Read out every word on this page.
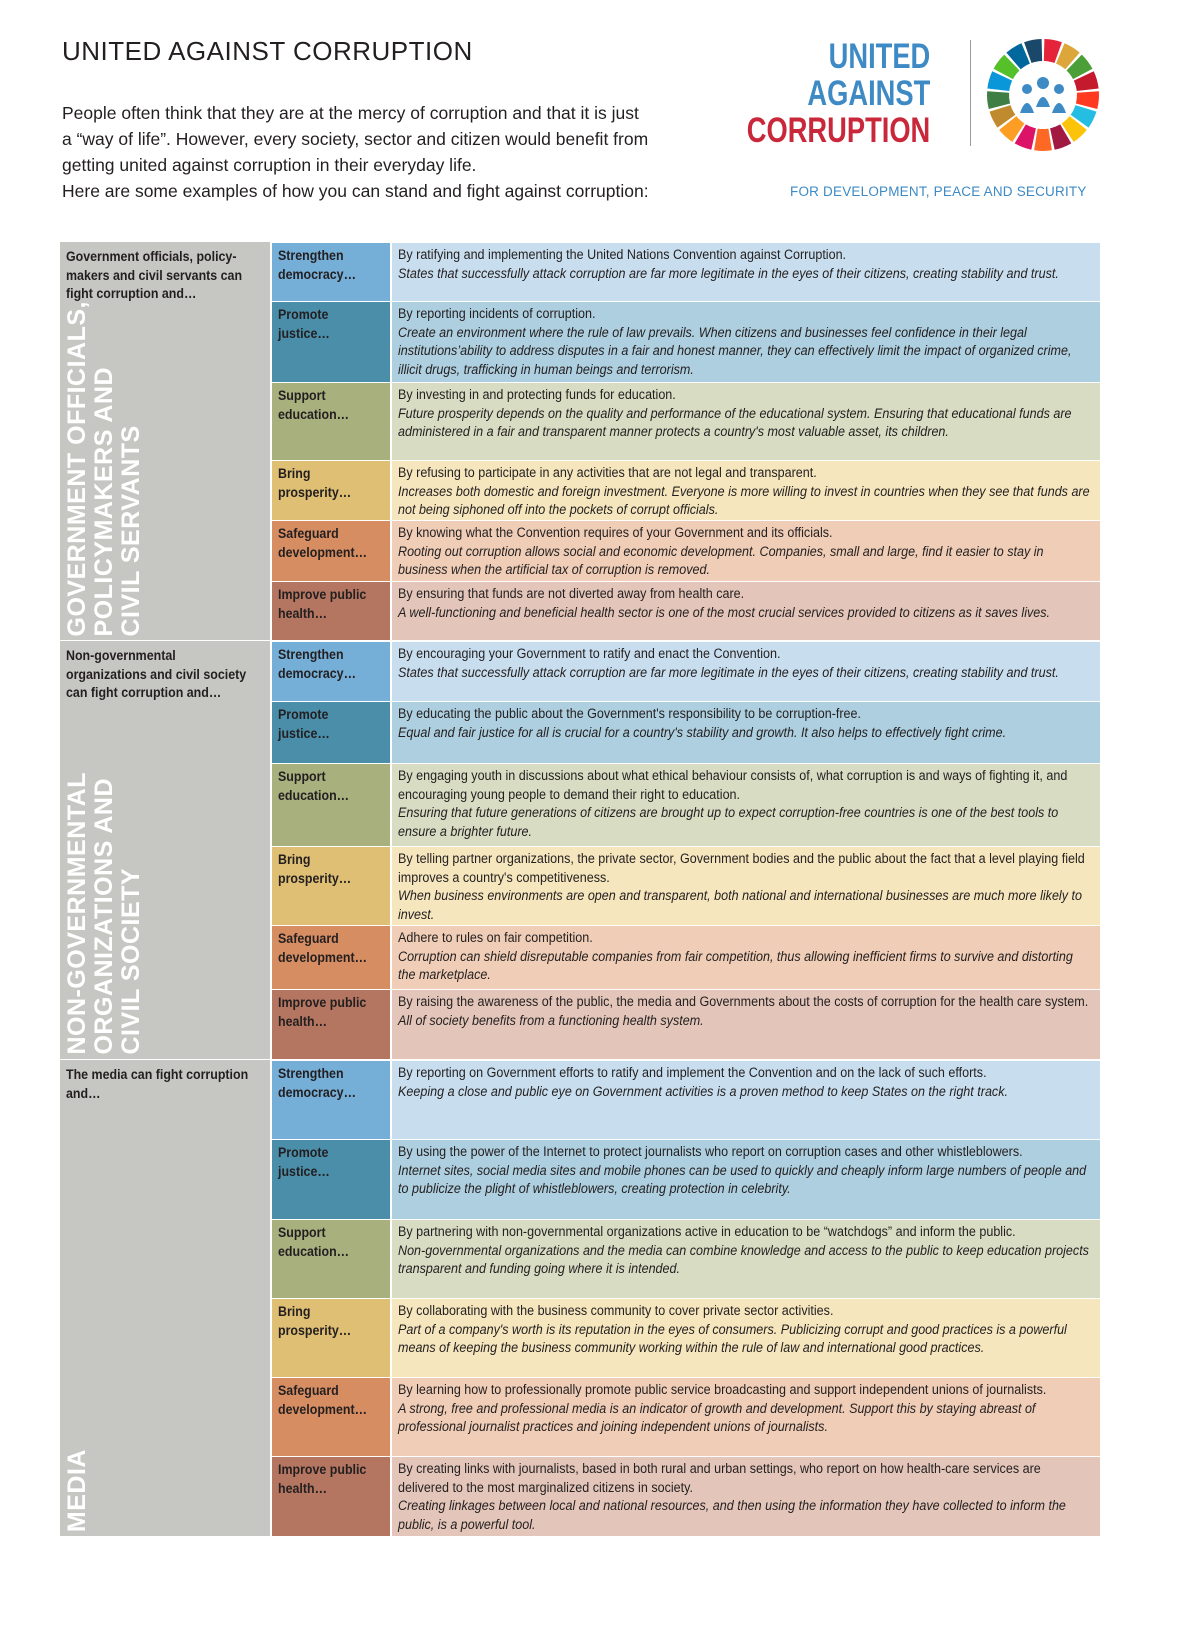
UNITED AGAINST CORRUPTION

People often think that they are at the mercy of corruption and that it is just

a “way of life”. However, every society, sector and citizen would benefit from

getting united against corruption in their everyday life.

Here are some examples of how you can stand and fight against corruption:

UNITED
AGAINST
CORRUPTION
FOR DEVELOPMENT, PEACE AND SECURITY
Government officials, policy-makers and civil servants can fight corruption and…
GOVERNMENT OFFICIALS,
POLICYMAKERS AND
CIVIL SERVANTS
Strengthen democracy…
By ratifying and implementing the United Nations Convention against Corruption.
States that successfully attack corruption are far more legitimate in the eyes of their citizens, creating stability and trust.
Promote justice…
By reporting incidents of corruption.
Create an environment where the rule of law prevails. When citizens and businesses feel confidence in their legal institutions’ability to address disputes in a fair and honest manner, they can effectively limit the impact of organized crime, illicit drugs, trafficking in human beings and terrorism.
Support education…
By investing in and protecting funds for education.
Future prosperity depends on the quality and performance of the educational system. Ensuring that educational funds are administered in a fair and transparent manner protects a country's most valuable asset, its children.
Bring prosperity…
By refusing to participate in any activities that are not legal and transparent.
Increases both domestic and foreign investment. Everyone is more willing to invest in countries when they see that funds are not being siphoned off into the pockets of corrupt officials.
Safeguard development…
By knowing what the Convention requires of your Government and its officials.
Rooting out corruption allows social and economic development. Companies, small and large, find it easier to stay in business when the artificial tax of corruption is removed.
Improve public health…
By ensuring that funds are not diverted away from health care.
A well-functioning and beneficial health sector is one of the most crucial services provided to citizens as it saves lives.
Non-governmental organizations and civil society can fight corruption and…
NON-GOVERNMENTAL
ORGANIZATIONS AND
CIVIL SOCIETY
Strengthen democracy…
By encouraging your Government to ratify and enact the Convention.
States that successfully attack corruption are far more legitimate in the eyes of their citizens, creating stability and trust.
Promote justice…
By educating the public about the Government's responsibility to be corruption-free.
Equal and fair justice for all is crucial for a country's stability and growth. It also helps to effectively fight crime.
Support education…
By engaging youth in discussions about what ethical behaviour consists of, what corruption is and ways of fighting it, and encouraging young people to demand their right to education.
Ensuring that future generations of citizens are brought up to expect corruption-free countries is one of the best tools to ensure a brighter future.
Bring prosperity…
By telling partner organizations, the private sector, Government bodies and the public about the fact that a level playing field improves a country's competitiveness.
When business environments are open and transparent, both national and international businesses are much more likely to invest.
Safeguard development…
Adhere to rules on fair competition.
Corruption can shield disreputable companies from fair competition, thus allowing inefficient firms to survive and distorting the marketplace.
Improve public health…
By raising the awareness of the public, the media and Governments about the costs of corruption for the health care system.
All of society benefits from a functioning health system.
The media can fight corruption and…
MEDIA
Strengthen democracy…
By reporting on Government efforts to ratify and implement the Convention and on the lack of such efforts.
Keeping a close and public eye on Government activities is a proven method to keep States on the right track.
Promote justice…
By using the power of the Internet to protect journalists who report on corruption cases and other whistleblowers.
Internet sites, social media sites and mobile phones can be used to quickly and cheaply inform large numbers of people and to publicize the plight of whistleblowers, creating protection in celebrity.
Support education…
By partnering with non-governmental organizations active in education to be “watchdogs” and inform the public.
Non-governmental organizations and the media can combine knowledge and access to the public to keep education projects transparent and funding going where it is intended.
Bring prosperity…
By collaborating with the business community to cover private sector activities.
Part of a company's worth is its reputation in the eyes of consumers. Publicizing corrupt and good practices is a powerful means of keeping the business community working within the rule of law and international good practices.
Safeguard development…
By learning how to professionally promote public service broadcasting and support independent unions of journalists.
A strong, free and professional media is an indicator of growth and development. Support this by staying abreast of professional journalist practices and joining independent unions of journalists.
Improve public health…
By creating links with journalists, based in both rural and urban settings, who report on how health-care services are delivered to the most marginalized citizens in society.
Creating linkages between local and national resources, and then using the information they have collected to inform the public, is a powerful tool.
